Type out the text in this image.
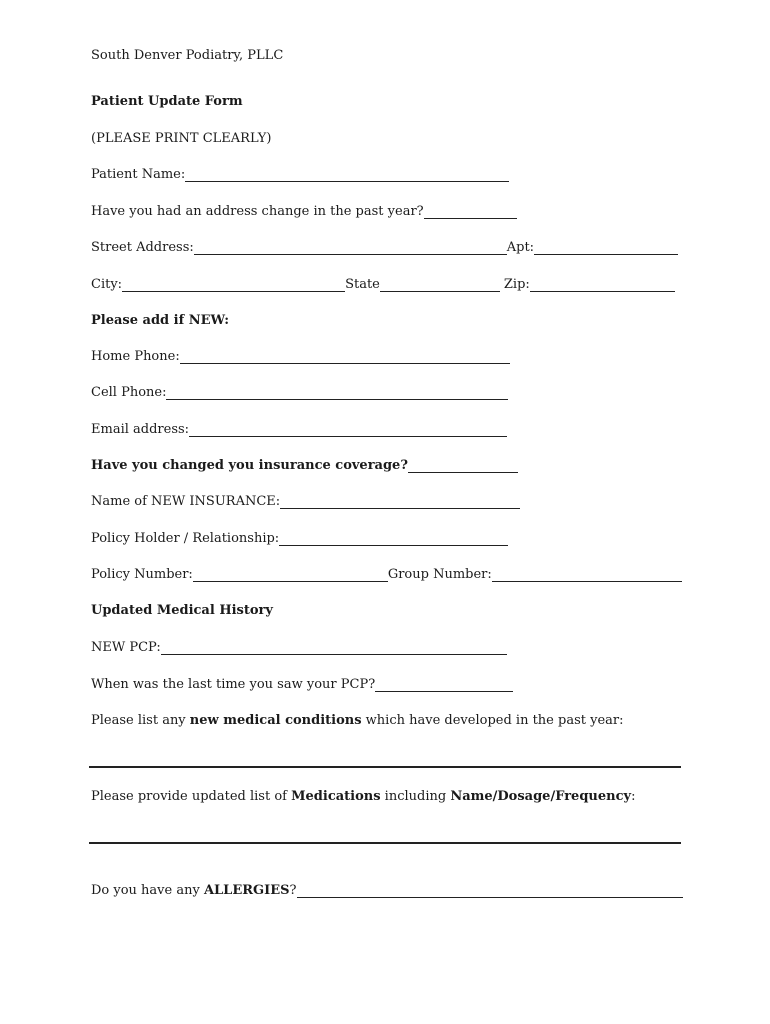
South Denver Podiatry, PLLC
Patient Update Form
(PLEASE PRINT CLEARLY)
Patient Name:
Have you had an address change in the past year?
Street Address:	Apt:
City:	State	Zip:
Please add if NEW:
Home Phone:
Cell Phone:
Email address:
Have you changed you insurance coverage?
Name of NEW INSURANCE:
Policy Holder / Relationship:
Policy Number:	Group Number:
Updated Medical History
NEW PCP:
When was the last time you saw your PCP?
Please list any new medical conditions which have developed in the past year:
Please provide updated list of Medications including Name/Dosage/Frequency :
Do you have any ALLERGIES ?
